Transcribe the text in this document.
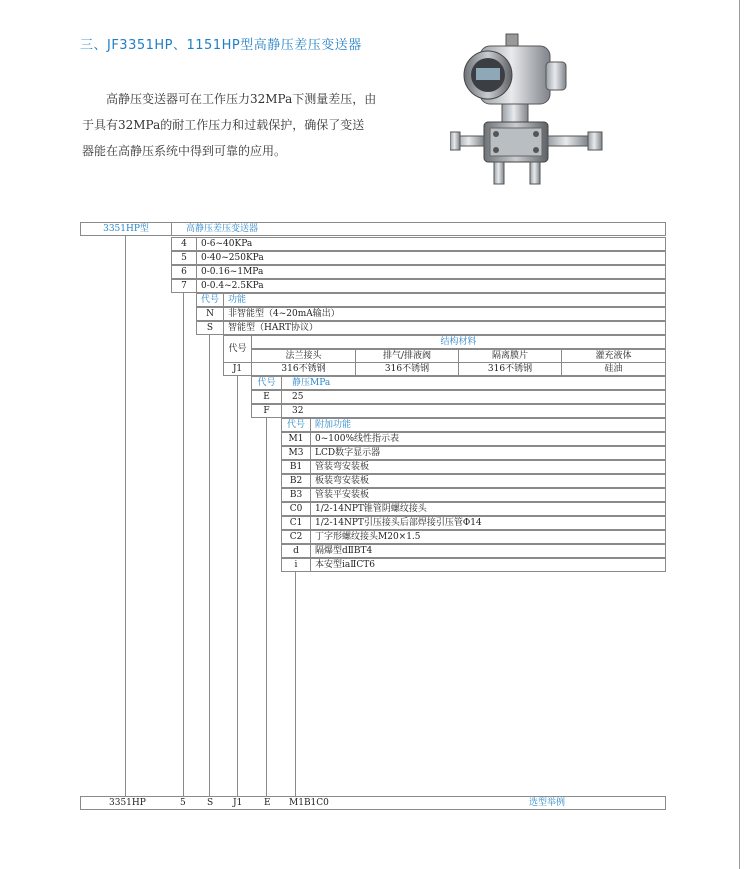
三、JF3351HP、1151HP型高静压差压变送器

高静压变送器可在工作压力32MPa下测量差压，由

于具有32MPa的耐工作压力和过载保护，确保了变送
器能在高静压系统中得到可靠的应用。
3351HP型	高静压差压变送器
4	0-6~40KPa
5	0-40~250KPa
6	0-0.16~1MPa
7	0-0.4~2.5KPa
代号	功能
N	非智能型（4~20mA输出）
S	智能型（HART协议）
代号
结构材料
法兰接头	排气/排液阀	隔离膜片	灌充液体
J1	316不锈钢	316不锈钢	316不锈钢	硅油
代号	静压MPa
E	25
F	32
代号	附加功能
M1	0~100%线性指示表
M3	LCD数字显示器
B1	管装弯安装板
B2	板装弯安装板
B3	管装平安装板
C0	1/2-14NPT锥管阴螺纹接头
C1	1/2-14NPT引压接头后部焊接引压管Φ14
C2	丁字形螺纹接头M20×1.5
d	隔爆型dⅡBT4
i	本安型iaⅡCT6
3351HP	5 S J1 E M1B1C0	选型举例
